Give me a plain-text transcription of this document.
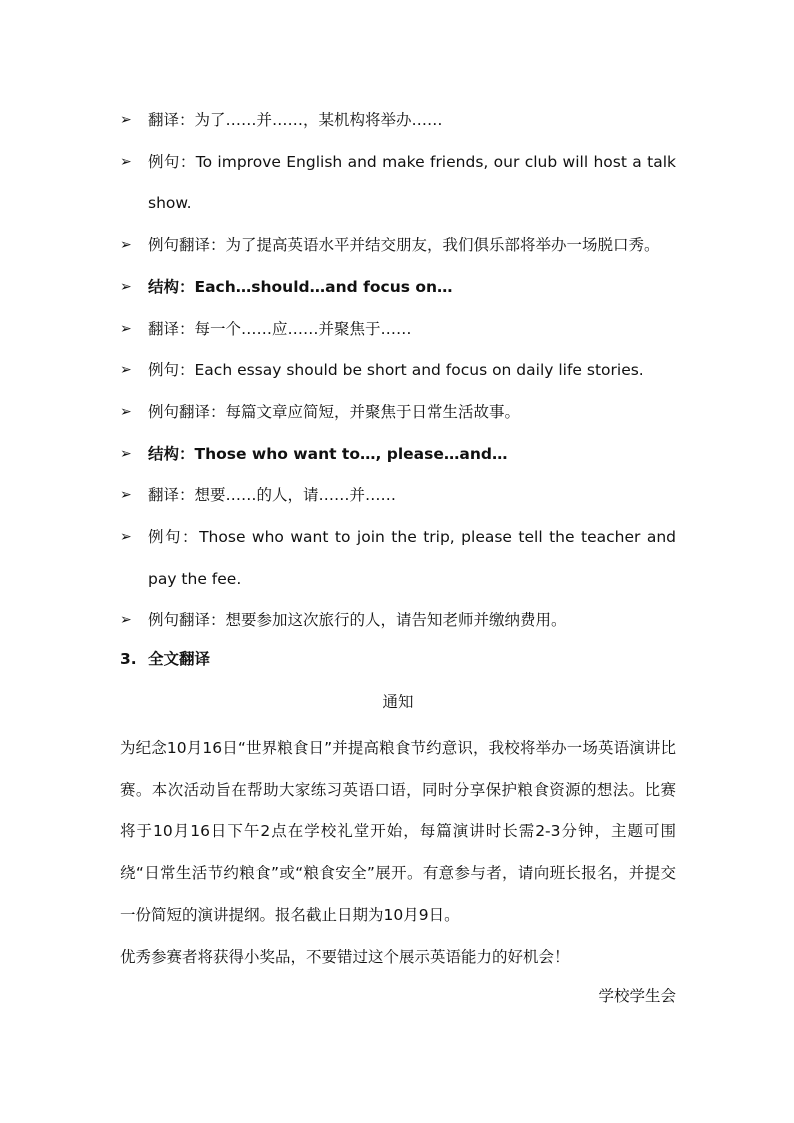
➢ 翻译：为了……并……，某机构将举办……
➢ 例句：To improve English and make friends, our club will host a talk show.
➢ 例句翻译：为了提高英语水平并结交朋友，我们俱乐部将举办一场脱口秀。
➢ 结构：Each…should…and focus on…
➢ 翻译：每一个……应……并聚焦于……
➢ 例句：Each essay should be short and focus on daily life stories.
➢ 例句翻译：每篇文章应简短，并聚焦于日常生活故事。
➢ 结构：Those who want to…, please…and…
➢ 翻译：想要……的人，请……并……
➢ 例句：Those who want to join the trip, please tell the teacher and pay the fee.
➢ 例句翻译：想要参加这次旅行的人，请告知老师并缴纳费用。
3. 全文翻译
通知

为纪念10月16日“世界粮食日”并提高粮食节约意识，我校将举办一场英语演讲比赛。本次活动旨在帮助大家练习英语口语，同时分享保护粮食资源的想法。比赛将于10月16日下午2点在学校礼堂开始，每篇演讲时长需2-3分钟，主题可围绕“日常生活节约粮食”或“粮食安全”展开。有意参与者，请向班长报名，并提交一份简短的演讲提纲。报名截止日期为10月9日。

优秀参赛者将获得小奖品，不要错过这个展示英语能力的好机会！

学校学生会
